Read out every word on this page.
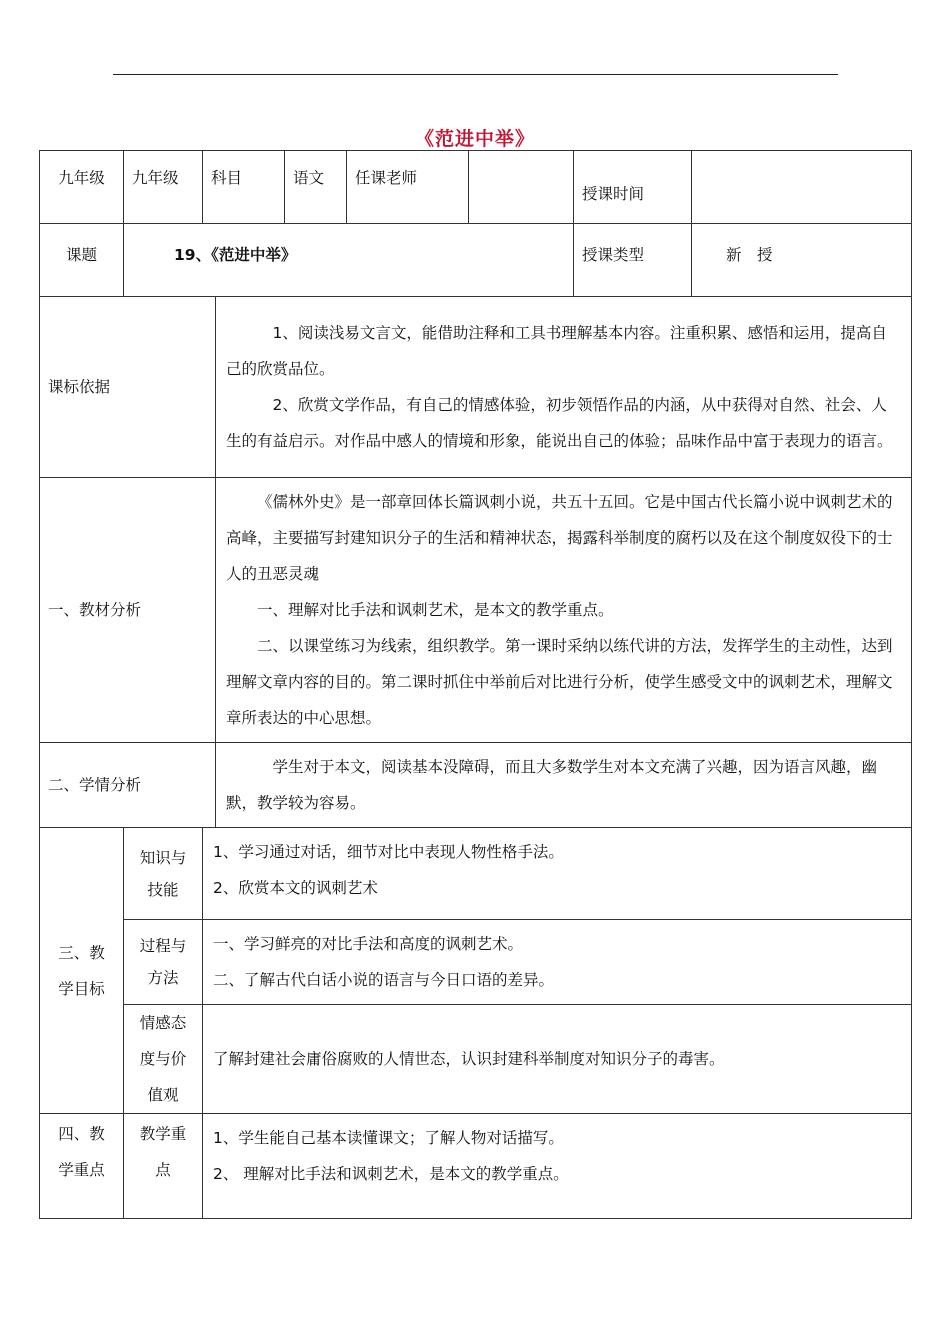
《范进中举》
九年级	九年级	科目		语文	任课老师		授课时间	
课题	19、《范进中举》						授课类型	新　授
课标依据			1、阅读浅易文言文，能借助注释和工具书理解基本内容。注重积累、感悟和运用，提高自己的欣赏品位。

2、欣赏文学作品，有自己的情感体验，初步领悟作品的内涵，从中获得对自然、社会、人生的有益启示。对作品中感人的情境和形象，能说出自己的体验；品味作品中富于表现力的语言。					

一、教材分析			《儒林外史》是一部章回体长篇讽刺小说，共五十五回。它是中国古代长篇小说中讽刺艺术的高峰，主要描写封建知识分子的生活和精神状态，揭露科举制度的腐朽以及在这个制度奴役下的士人的丑恶灵魂

一、理解对比手法和讽刺艺术，是本文的教学重点。

二、以课堂练习为线索，组织教学。第一课时采纳以练代讲的方法，发挥学生的主动性，达到理解文章内容的目的。第二课时抓住中举前后对比进行分析，使学生感受文中的讽刺艺术，理解文章所表达的中心思想。					

二、学情分析			学生对于本文，阅读基本没障碍，而且大多数学生对本文充满了兴趣，因为语言风趣，幽默，教学较为容易。					

三、教学目标	知识与技能	1、学习通过对话，细节对比中表现人物性格手法。

2、欣赏本文的讽刺艺术						

	过程与方法	一、学习鲜亮的对比手法和高度的讽刺艺术。

二、了解古代白话小说的语言与今日口语的差异。						

	情感态度与价值观	了解封建社会庸俗腐败的人情世态，认识封建科举制度对知识分子的毒害。						
四、教学重点	教学重点	1、学生能自己基本读懂课文；了解人物对话描写。

2、 理解对比手法和讽刺艺术，是本文的教学重点。						
